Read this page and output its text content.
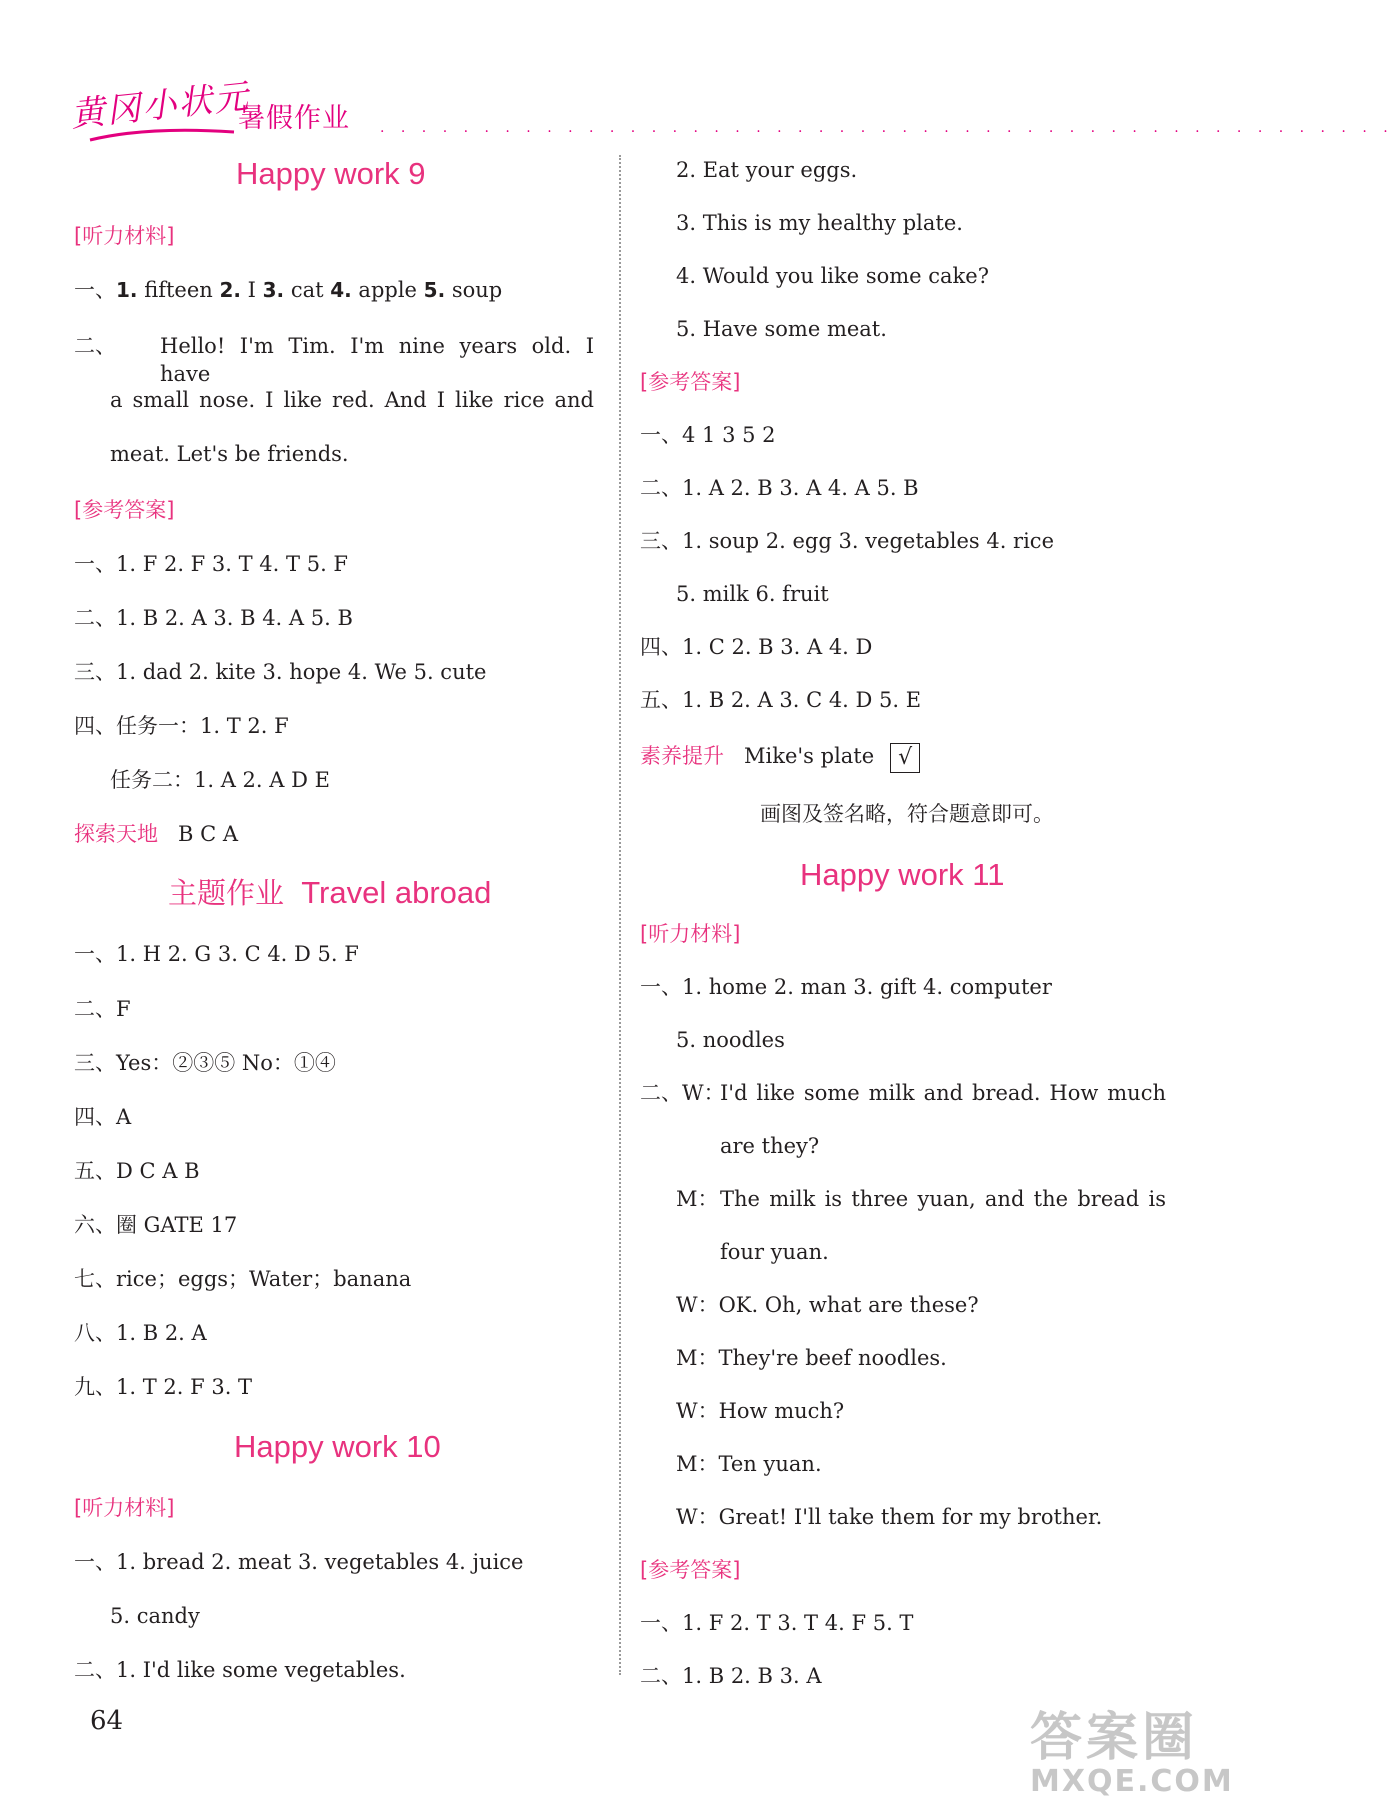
黄冈小状元
暑假作业 . . . . . . . . . . . . . . . . . . . . . . . . . . . . . . . . . . . . . . . . . . . . . . . . .
Happy work 9
[听力材料]
一、1. fifteen 2. I 3. cat 4. apple 5. soup
二、 Hello! I'm Tim. I'm nine years old. I have
a small nose. I like red. And I like rice and
meat. Let's be friends.
[参考答案]
一、1. F 2. F 3. T 4. T 5. F
二、1. B 2. A 3. B 4. A 5. B
三、1. dad 2. kite 3. hope 4. We 5. cute
四、任务一：1. T 2. F
任务二：1. A 2. A D E
探索天地 B C A
主题作业 Travel abroad
一、1. H 2. G 3. C 4. D 5. F
二、F
三、Yes：②③⑤ No：①④
四、A
五、D C A B
六、圈 GATE 17
七、rice；eggs；Water；banana
八、1. B 2. A
九、1. T 2. F 3. T
Happy work 10
[听力材料]
一、1. bread 2. meat 3. vegetables 4. juice
5. candy
二、1. I'd like some vegetables.
2. Eat your eggs.
3. This is my healthy plate.
4. Would you like some cake?
5. Have some meat.
[参考答案]
一、4 1 3 5 2
二、1. A 2. B 3. A 4. A 5. B
三、1. soup 2. egg 3. vegetables 4. rice
5. milk 6. fruit
四、1. C 2. B 3. A 4. D
五、1. B 2. A 3. C 4. D 5. E
素养提升 Mike's plate √
画图及签名略，符合题意即可。
Happy work 11
[听力材料]
一、1. home 2. man 3. gift 4. computer
5. noodles
二、W：
I'd like some milk and bread. How much
are they?
M： The milk is three yuan, and the bread is
four yuan.
W：OK. Oh, what are these?
M：They're beef noodles.
W：How much?
M：Ten yuan.
W：Great! I'll take them for my brother.
[参考答案]
一、1. F 2. T 3. T 4. F 5. T
二、1. B 2. B 3. A
64	答案圈
MXQE.COM
